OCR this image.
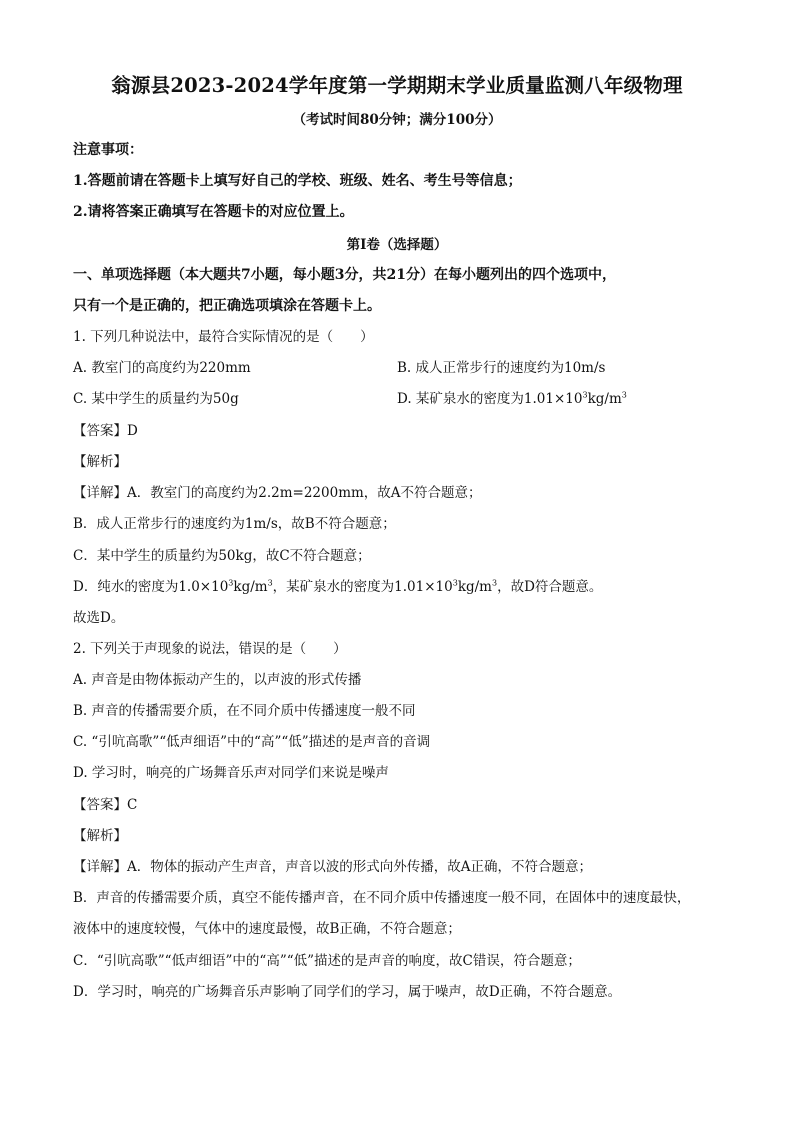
翁源县2023-2024学年度第一学期期末学业质量监测八年级物理
（考试时间80分钟；满分100分）
注意事项：
1.答题前请在答题卡上填写好自己的学校、班级、姓名、考生号等信息；
2.请将答案正确填写在答题卡的对应位置上。
第I卷（选择题）
一、单项选择题（本大题共7小题，每小题3分，共21分）在每小题列出的四个选项中，
只有一个是正确的，把正确选项填涂在答题卡上。
1. 下列几种说法中，最符合实际情况的是（　　）
A. 教室门的高度约为220mm	B. 成人正常步行的速度约为10m/s
C. 某中学生的质量约为50g	D. 某矿泉水的密度为$1.01\times 10^3kg/m^3$
【答案】D
【解析】
【详解】A．教室门的高度约为2.2m=2200mm，故A不符合题意；
B．成人正常步行的速度约为1m/s，故B不符合题意；
C．某中学生的质量约为50kg，故C不符合题意；
D．纯水的密度为$1.0\times 10^3kg/m^3$，某矿泉水的密度为$1.01\times 10^3kg/m^3$，故D符合题意。
故选D。
2. 下列关于声现象的说法，错误的是（　　）
A. 声音是由物体振动产生的，以声波的形式传播
B. 声音的传播需要介质，在不同介质中传播速度一般不同
C. “引吭高歌”“低声细语”中的“高”“低”描述的是声音的音调
D. 学习时，响亮的广场舞音乐声对同学们来说是噪声
【答案】C
【解析】
【详解】A．物体的振动产生声音，声音以波的形式向外传播，故A正确，不符合题意；
B．声音的传播需要介质，真空不能传播声音，在不同介质中传播速度一般不同，在固体中的速度最快，
液体中的速度较慢，气体中的速度最慢，故B正确，不符合题意；
C．“引吭高歌”“低声细语”中的“高”“低”描述的是声音的响度，故C错误，符合题意；
D．学习时，响亮的广场舞音乐声影响了同学们的学习，属于噪声，故D正确，不符合题意。
